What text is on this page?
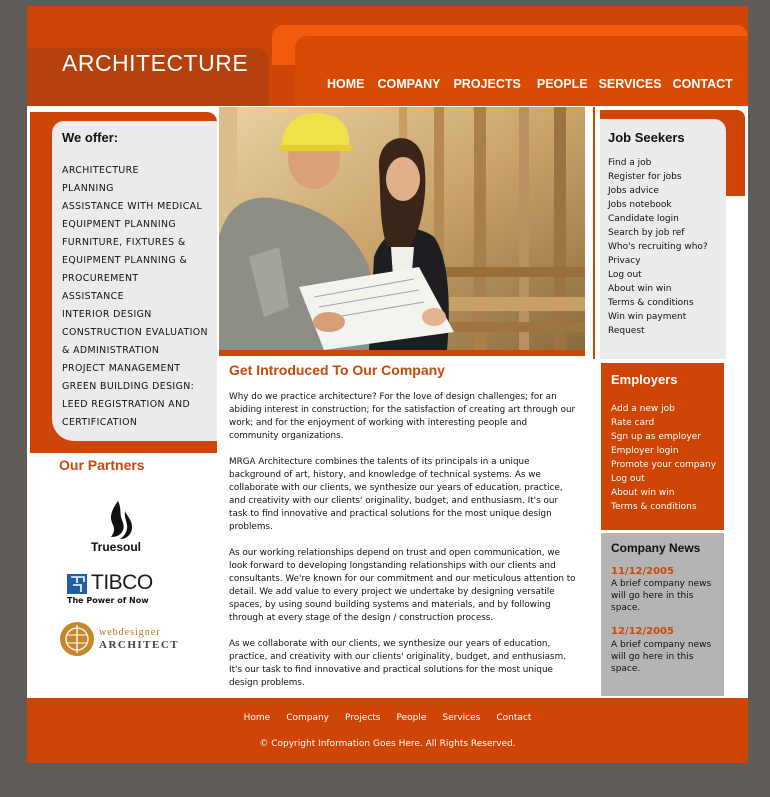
ARCHITECTURE
HOME COMPANY PROJECTS PEOPLE SERVICES CONTACT
We offer:
ARCHITECTURE
PLANNING
ASSISTANCE WITH MEDICAL
EQUIPMENT PLANNING
FURNITURE, FIXTURES &
EQUIPMENT PLANNING &
PROCUREMENT
ASSISTANCE
INTERIOR DESIGN
CONSTRUCTION EVALUATION
& ADMINISTRATION
PROJECT MANAGEMENT
GREEN BUILDING DESIGN:
LEED REGISTRATION AND
CERTIFICATION
Our Partners
Truesoul
TIBCO
The Power of Now
webdesigner
ARCHITECT
Get Introduced To Our Company

Why do we practice architecture? For the love of design challenges; for an abiding interest in construction; for the satisfaction of creating art through our work; and for the enjoyment of working with interesting people and community organizations.

MRGA Architecture combines the talents of its principals in a unique background of art, history, and knowledge of technical systems. As we collaborate with our clients, we synthesize our years of education, practice, and creativity with our clients' originality, budget, and enthusiasm. It's our task to find innovative and practical solutions for the most unique design problems.

As our working relationships depend on trust and open communication, we look forward to developing longstanding relationships with our clients and consultants. We're known for our commitment and our meticulous attention to detail. We add value to every project we undertake by designing versatile spaces, by using sound building systems and materials, and by following through at every stage of the design / construction process.

As we collaborate with our clients, we synthesize our years of education, practice, and creativity with our clients' originality, budget, and enthusiasm. It's our task to find innovative and practical solutions for the most unique design problems.

Job Seekers
Find a job
Register for jobs
Jobs advice
Jobs notebook
Candidate login
Search by job ref
Who's recruiting who?
Privacy
Log out
About win win
Terms & conditions
Win win payment
Request
Employers
Add a new job
Rate card
Sgn up as employer
Employer login
Promote your company
Log out
About win win
Terms & conditions
Company News
11/12/2005
A brief company news will go here in this space.
12/12/2005
A brief company news will go here in this space.
Home Company Projects People Services Contact
© Copyright Information Goes Here. All Rights Reserved.
